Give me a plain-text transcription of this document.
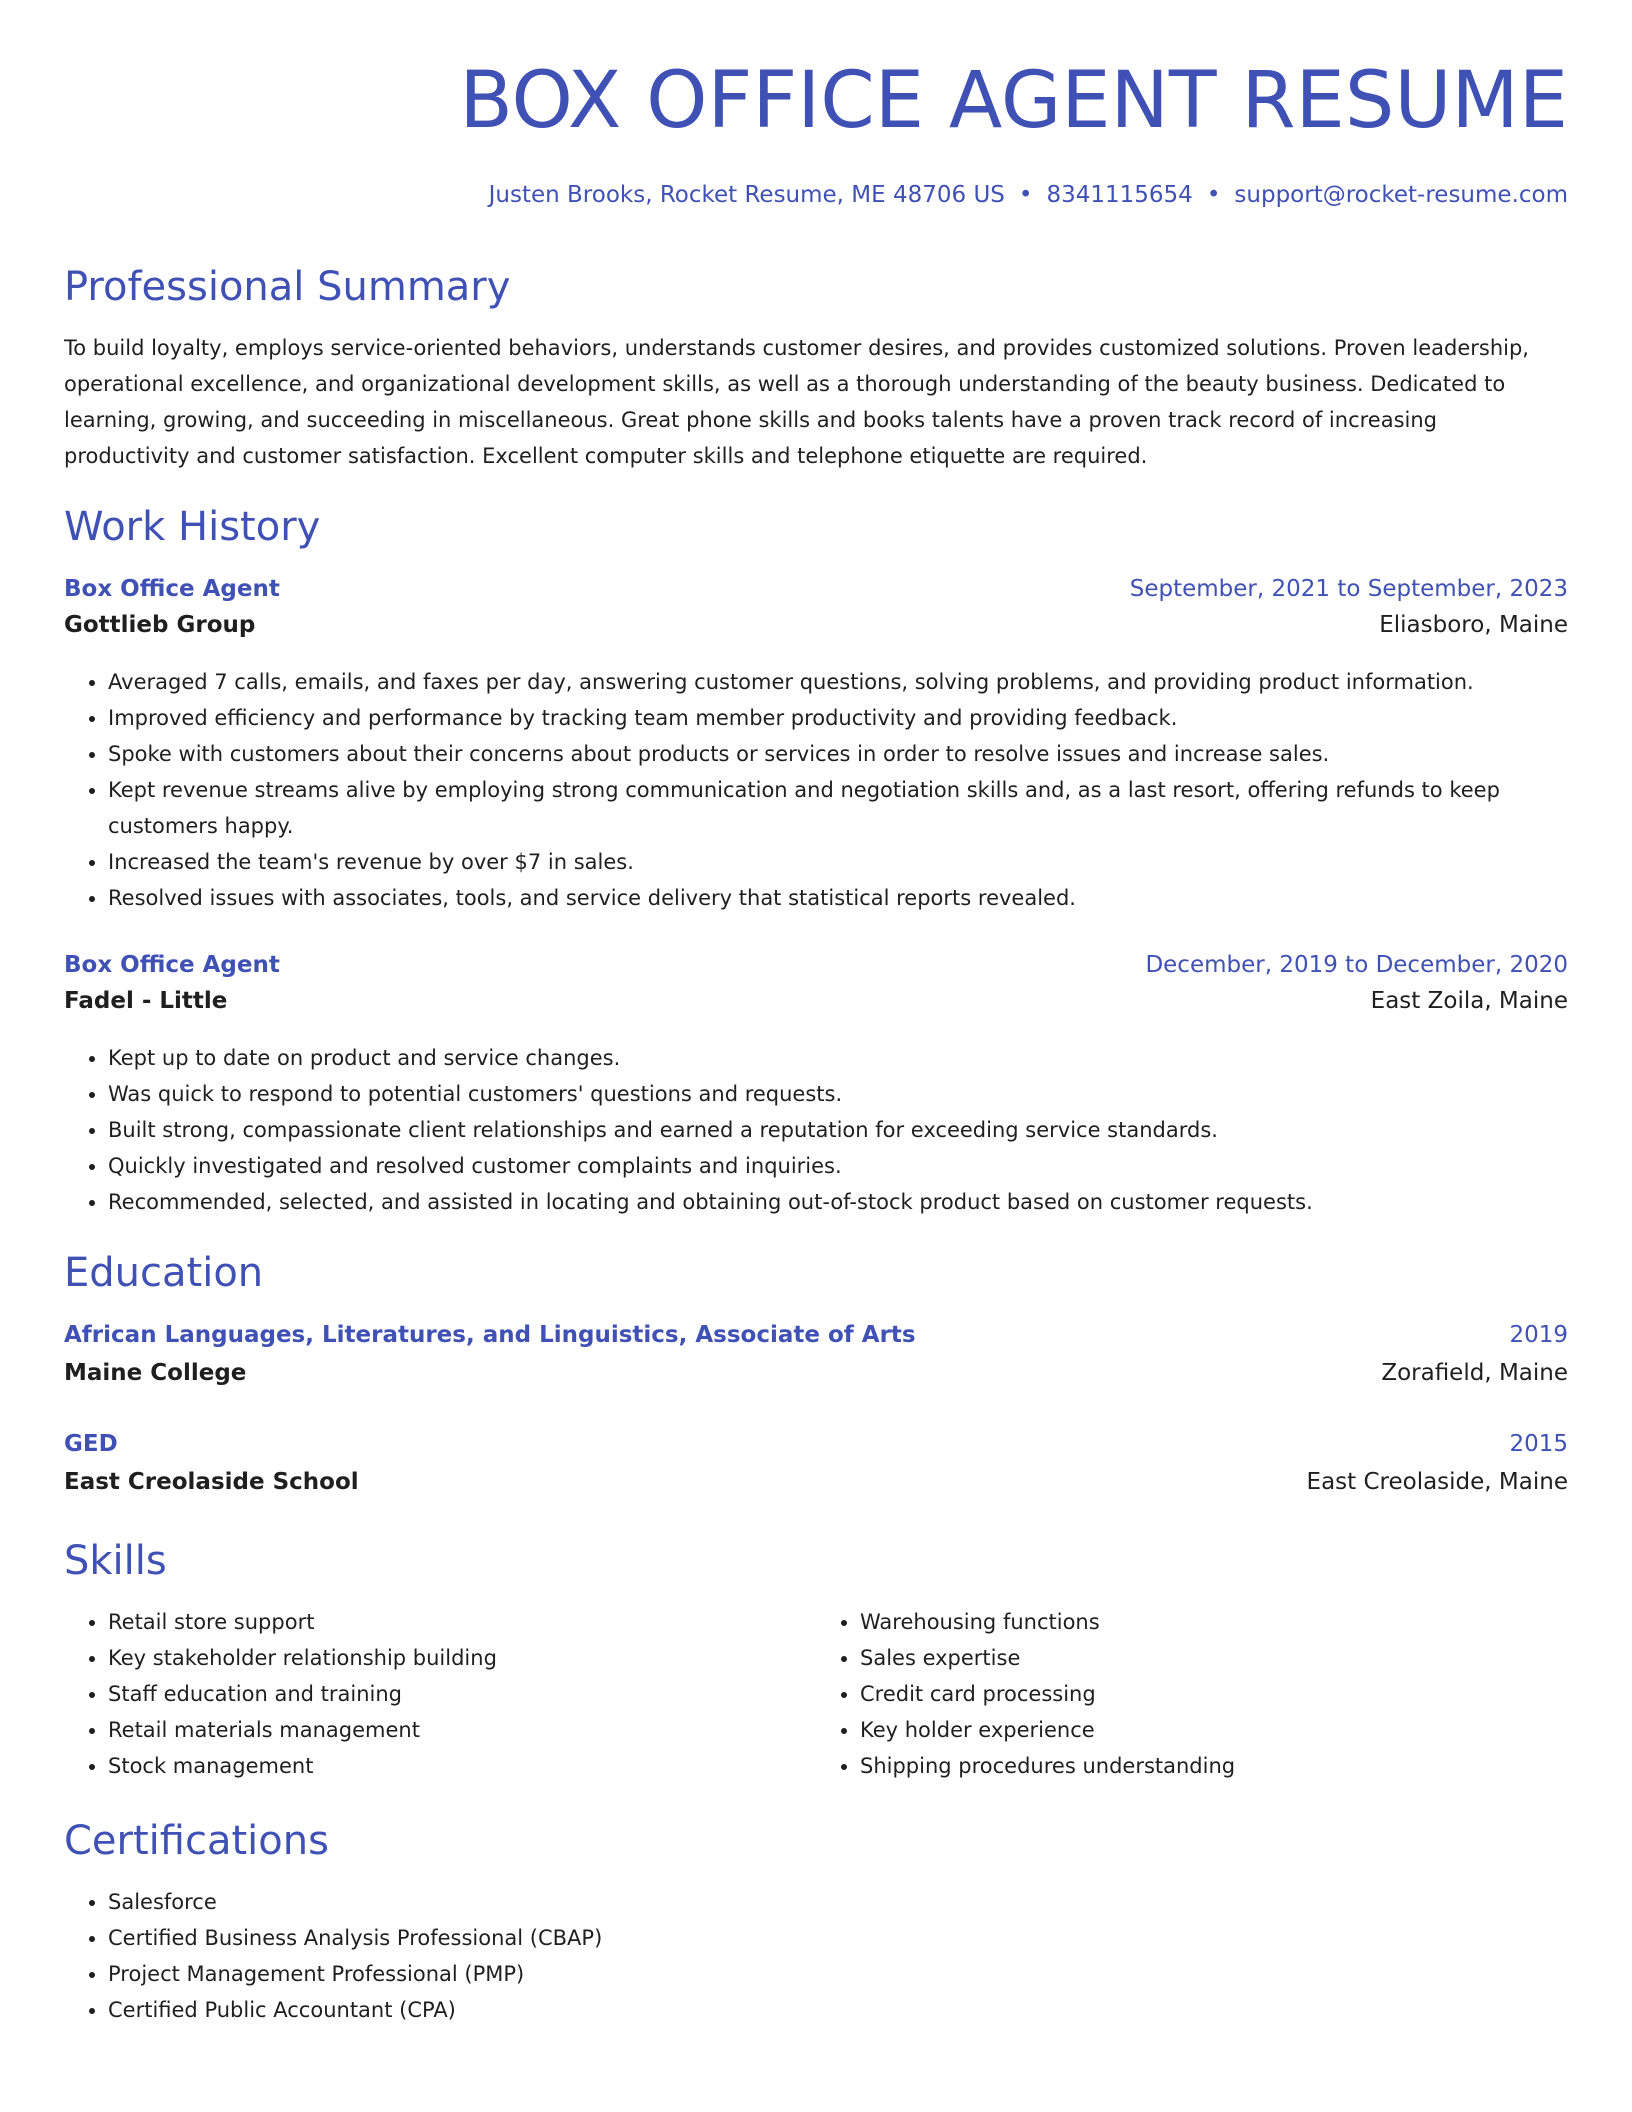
BOX OFFICE AGENT RESUME
Justen Brooks, Rocket Resume, ME 48706 US • 8341115654 • support@rocket-resume.com
Professional Summary
To build loyalty, employs service-oriented behaviors, understands customer desires, and provides customized solutions. Proven leadership, operational excellence, and organizational development skills, as well as a thorough understanding of the beauty business. Dedicated to learning, growing, and succeeding in miscellaneous. Great phone skills and books talents have a proven track record of increasing productivity and customer satisfaction. Excellent computer skills and telephone etiquette are required.
Work History
Box Office Agent	September, 2021 to September, 2023
Gottlieb Group	Eliasboro, Maine
• Averaged 7 calls, emails, and faxes per day, answering customer questions, solving problems, and providing product information.
• Improved efficiency and performance by tracking team member productivity and providing feedback.
• Spoke with customers about their concerns about products or services in order to resolve issues and increase sales.
• Kept revenue streams alive by employing strong communication and negotiation skills and, as a last resort, offering refunds to keep customers happy.
• Increased the team's revenue by over $7 in sales.
• Resolved issues with associates, tools, and service delivery that statistical reports revealed.
Box Office Agent	December, 2019 to December, 2020
Fadel - Little	East Zoila, Maine
• Kept up to date on product and service changes.
• Was quick to respond to potential customers' questions and requests.
• Built strong, compassionate client relationships and earned a reputation for exceeding service standards.
• Quickly investigated and resolved customer complaints and inquiries.
• Recommended, selected, and assisted in locating and obtaining out-of-stock product based on customer requests.
Education
African Languages, Literatures, and Linguistics, Associate of Arts	2019
Maine College	Zorafield, Maine
GED	2015
East Creolaside School	East Creolaside, Maine
Skills
• Retail store support
• Key stakeholder relationship building
• Staff education and training
• Retail materials management
• Stock management
• Warehousing functions
• Sales expertise
• Credit card processing
• Key holder experience
• Shipping procedures understanding
Certifications
• Salesforce
• Certified Business Analysis Professional (CBAP)
• Project Management Professional (PMP)
• Certified Public Accountant (CPA)
